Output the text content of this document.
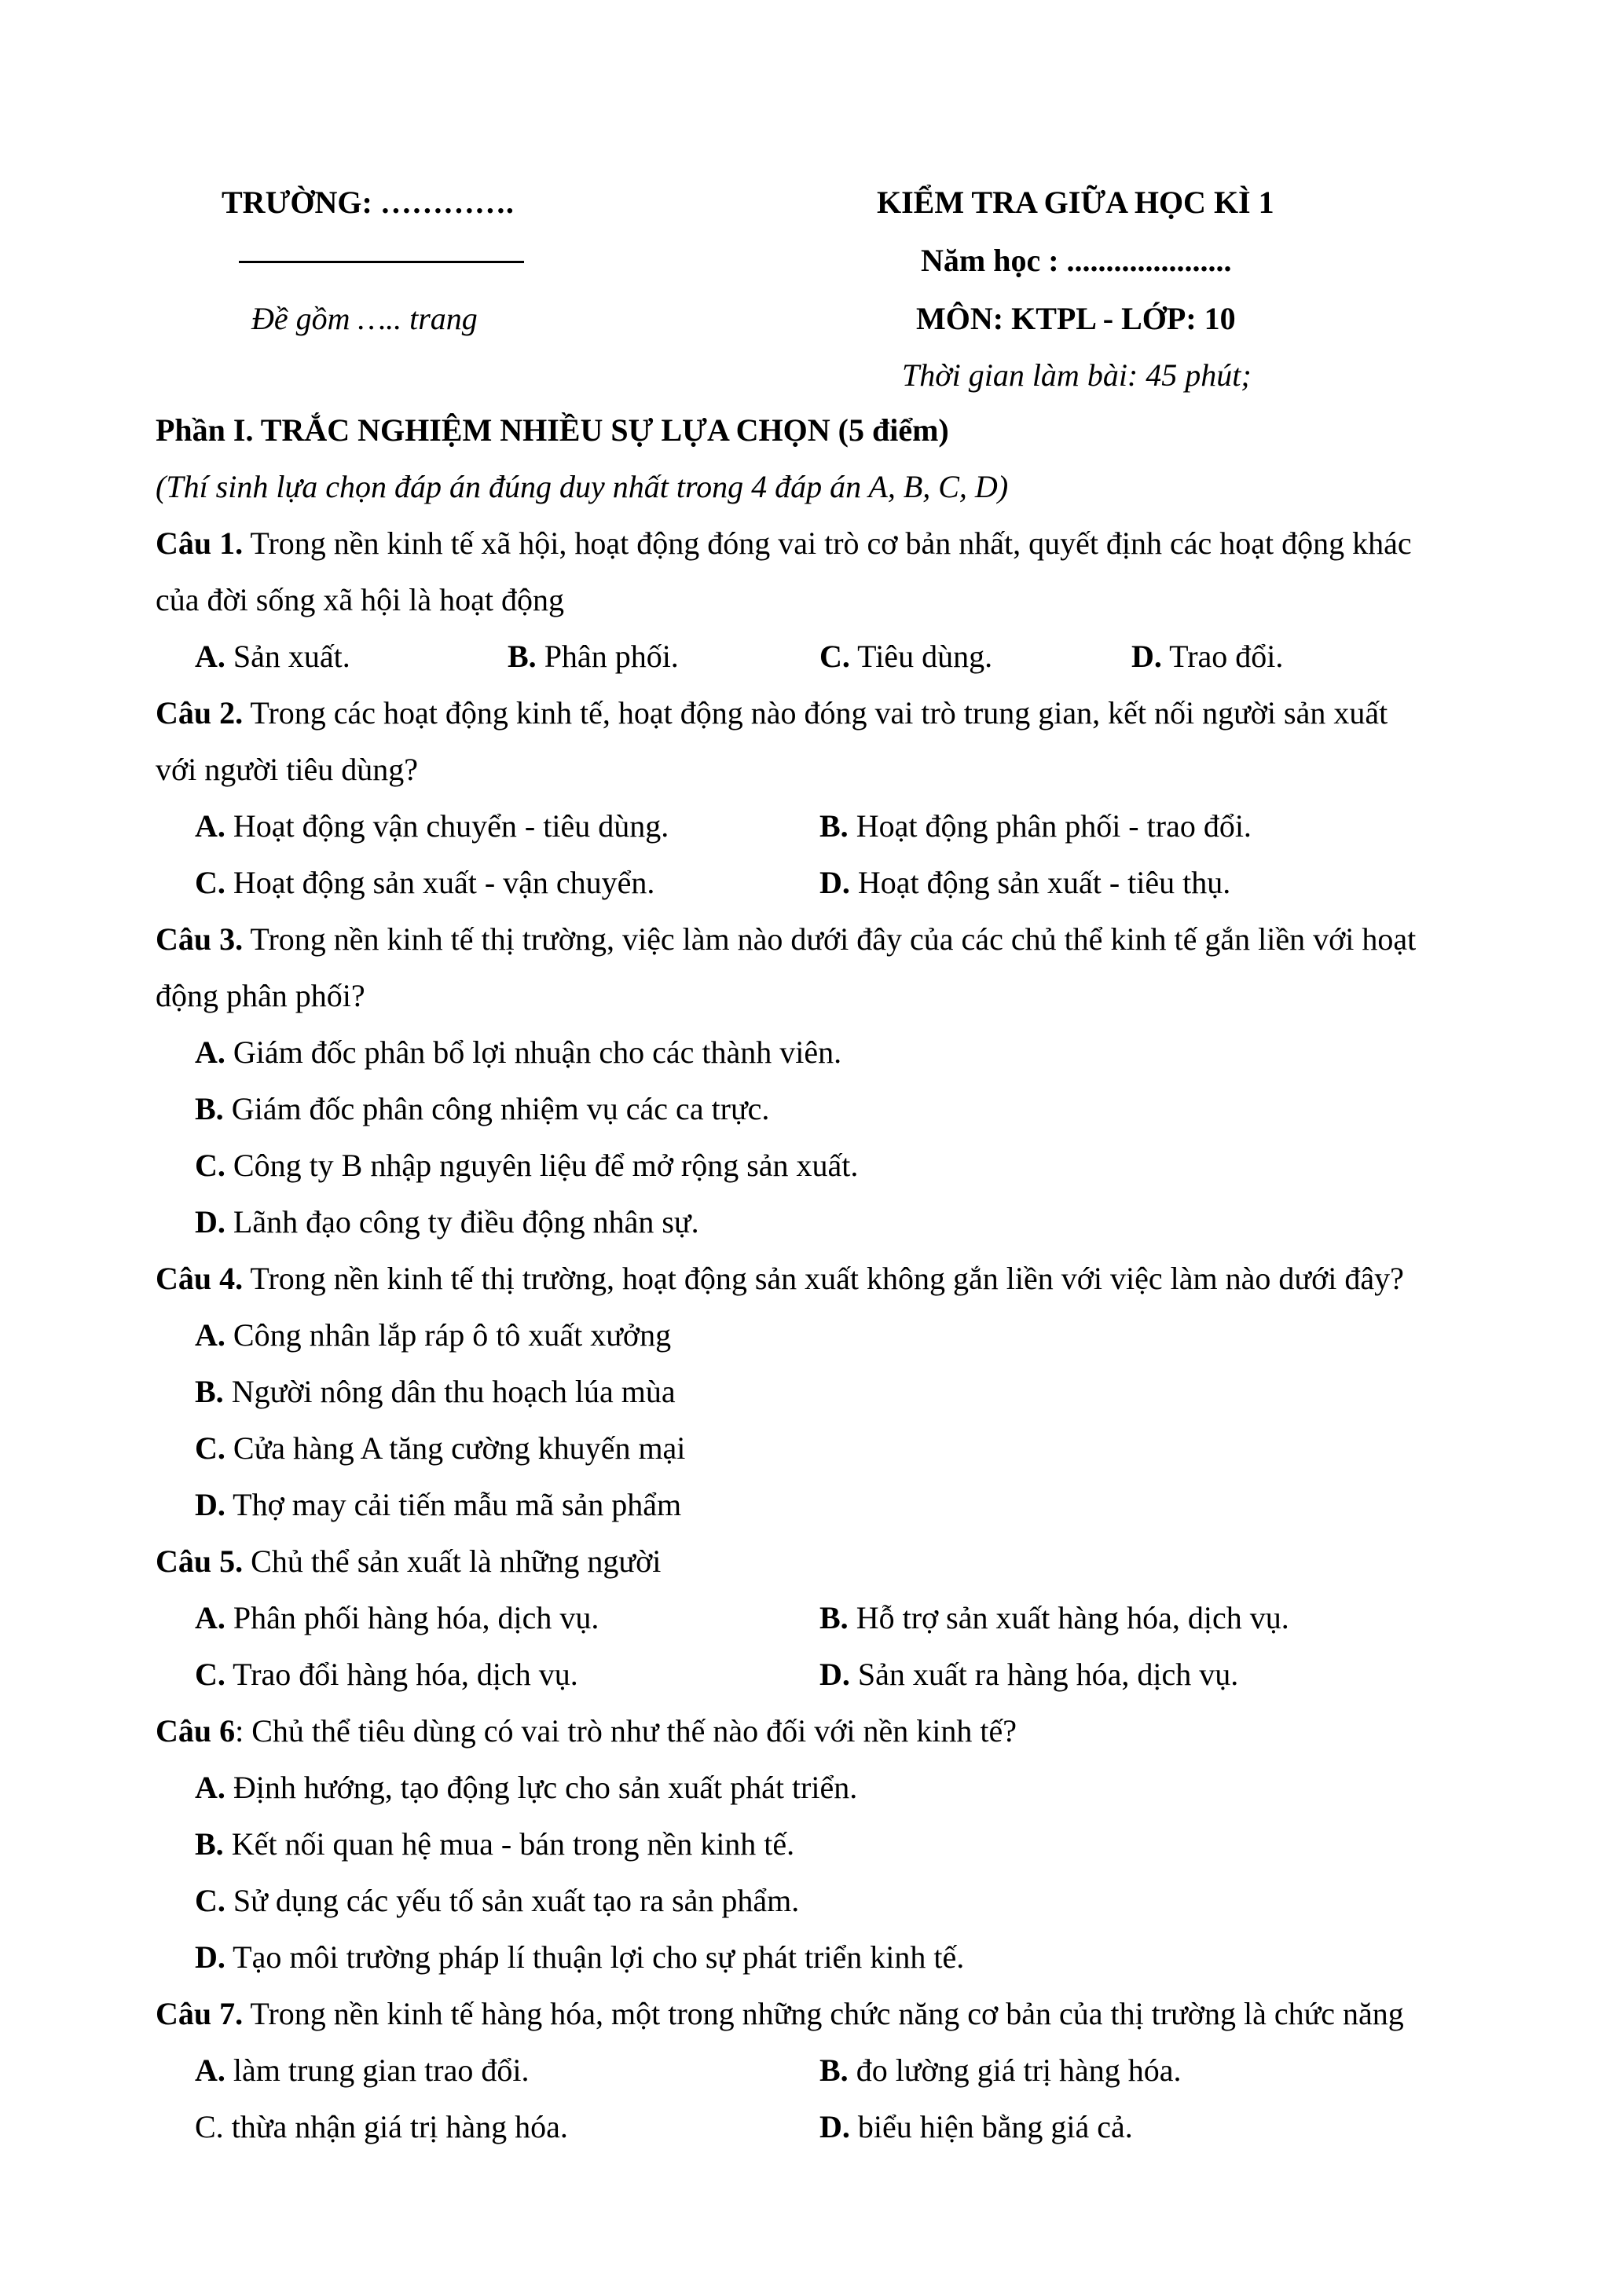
TRƯỜNG: ………….
Đề gồm ….. trang
KIỂM TRA GIỮA HỌC KÌ 1
Năm học : .....................
MÔN: KTPL - LỚP: 10
Thời gian làm bài: 45 phút;
Phần I. TRẮC NGHIỆM NHIỀU SỰ LỰA CHỌN (5 điểm)
(Thí sinh lựa chọn đáp án đúng duy nhất trong 4 đáp án A, B, C, D)
Câu 1. Trong nền kinh tế xã hội, hoạt động đóng vai trò cơ bản nhất, quyết định các hoạt động khác
của đời sống xã hội là hoạt động
A. Sản xuất.	B. Phân phối.	C. Tiêu dùng.	D. Trao đổi.
Câu 2. Trong các hoạt động kinh tế, hoạt động nào đóng vai trò trung gian, kết nối người sản xuất
với người tiêu dùng?
A. Hoạt động vận chuyển - tiêu dùng.	B. Hoạt động phân phối - trao đổi.
C. Hoạt động sản xuất - vận chuyển.	D. Hoạt động sản xuất - tiêu thụ.
Câu 3. Trong nền kinh tế thị trường, việc làm nào dưới đây của các chủ thể kinh tế gắn liền với hoạt
động phân phối?
A. Giám đốc phân bổ lợi nhuận cho các thành viên.
B. Giám đốc phân công nhiệm vụ các ca trực.
C. Công ty B nhập nguyên liệu để mở rộng sản xuất.
D. Lãnh đạo công ty điều động nhân sự.
Câu 4. Trong nền kinh tế thị trường, hoạt động sản xuất không gắn liền với việc làm nào dưới đây?
A. Công nhân lắp ráp ô tô xuất xưởng
B. Người nông dân thu hoạch lúa mùa
C. Cửa hàng A tăng cường khuyến mại
D. Thợ may cải tiến mẫu mã sản phẩm
Câu 5. Chủ thể sản xuất là những người
A. Phân phối hàng hóa, dịch vụ.	B. Hỗ trợ sản xuất hàng hóa, dịch vụ.
C. Trao đổi hàng hóa, dịch vụ.	D. Sản xuất ra hàng hóa, dịch vụ.
Câu 6: Chủ thể tiêu dùng có vai trò như thế nào đối với nền kinh tế?
A. Định hướng, tạo động lực cho sản xuất phát triển.
B. Kết nối quan hệ mua - bán trong nền kinh tế.
C. Sử dụng các yếu tố sản xuất tạo ra sản phẩm.
D. Tạo môi trường pháp lí thuận lợi cho sự phát triển kinh tế.
Câu 7. Trong nền kinh tế hàng hóa, một trong những chức năng cơ bản của thị trường là chức năng
A. làm trung gian trao đổi.	B. đo lường giá trị hàng hóa.
C. thừa nhận giá trị hàng hóa.	D. biểu hiện bằng giá cả.
